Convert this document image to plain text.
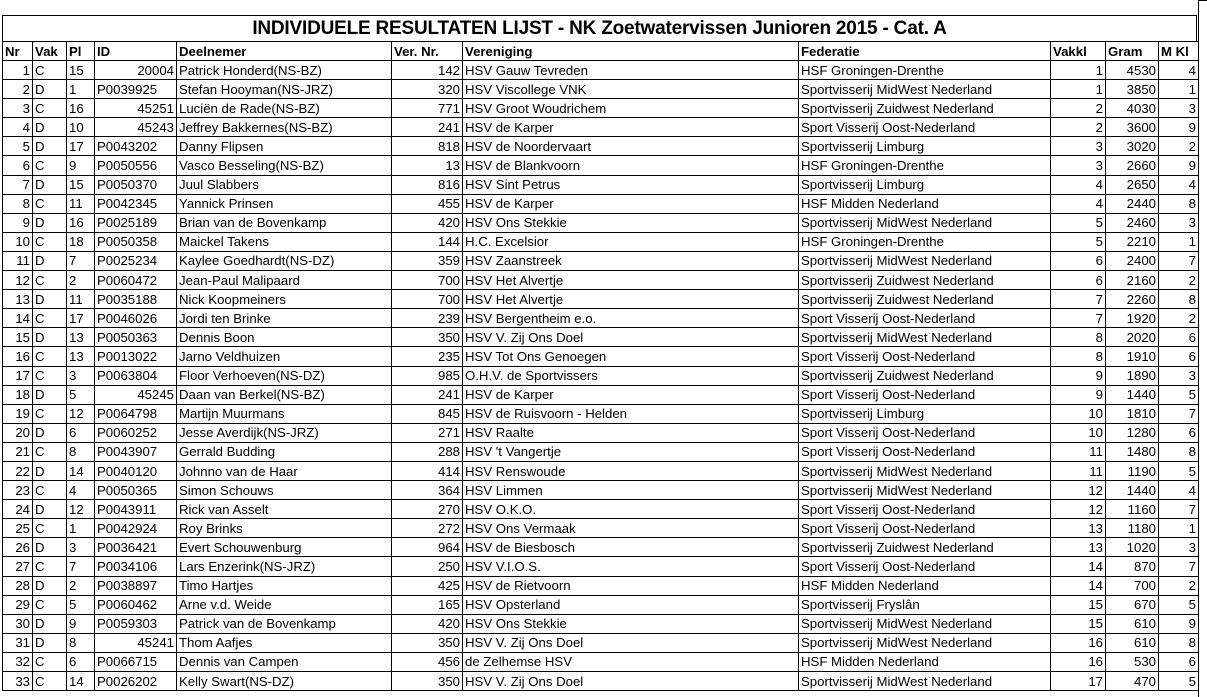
INDIVIDUELE RESULTATEN LIJST - NK Zoetwatervissen Junioren 2015 - Cat. A
Nr	Vak	Pl	ID	Deelnemer	Ver. Nr.	Vereniging	Federatie	Vakkl	Gram	M Kl
1	C	15	20004	Patrick Honderd(NS-BZ)	142	HSV Gauw Tevreden	HSF Groningen-Drenthe	1	4530	4
2	D	1	P0039925	Stefan Hooyman(NS-JRZ)	320	HSV Viscollege VNK	Sportvisserij MidWest Nederland	1	3850	1
3	C	16	45251	Luciën de Rade(NS-BZ)	771	HSV Groot Woudrichem	Sportvisserij Zuidwest Nederland	2	4030	3
4	D	10	45243	Jeffrey Bakkernes(NS-BZ)	241	HSV de Karper	Sport Visserij Oost-Nederland	2	3600	9
5	D	17	P0043202	Danny Flipsen	818	HSV de Noordervaart	Sportvisserij Limburg	3	3020	2
6	C	9	P0050556	Vasco Besseling(NS-BZ)	13	HSV de Blankvoorn	HSF Groningen-Drenthe	3	2660	9
7	D	15	P0050370	Juul Slabbers	816	HSV Sint Petrus	Sportvisserij Limburg	4	2650	4
8	C	11	P0042345	Yannick Prinsen	455	HSV de Karper	HSF Midden Nederland	4	2440	8
9	D	16	P0025189	Brian van de Bovenkamp	420	HSV Ons Stekkie	Sportvisserij MidWest Nederland	5	2460	3
10	C	18	P0050358	Maickel Takens	144	H.C. Excelsior	HSF Groningen-Drenthe	5	2210	1
11	D	7	P0025234	Kaylee Goedhardt(NS-DZ)	359	HSV Zaanstreek	Sportvisserij MidWest Nederland	6	2400	7
12	C	2	P0060472	Jean-Paul Malipaard	700	HSV Het Alvertje	Sportvisserij Zuidwest Nederland	6	2160	2
13	D	11	P0035188	Nick Koopmeiners	700	HSV Het Alvertje	Sportvisserij Zuidwest Nederland	7	2260	8
14	C	17	P0046026	Jordi ten Brinke	239	HSV Bergentheim e.o.	Sport Visserij Oost-Nederland	7	1920	2
15	D	13	P0050363	Dennis Boon	350	HSV V. Zij Ons Doel	Sportvisserij MidWest Nederland	8	2020	6
16	C	13	P0013022	Jarno Veldhuizen	235	HSV Tot Ons Genoegen	Sport Visserij Oost-Nederland	8	1910	6
17	C	3	P0063804	Floor Verhoeven(NS-DZ)	985	O.H.V. de Sportvissers	Sportvisserij Zuidwest Nederland	9	1890	3
18	D	5	45245	Daan van Berkel(NS-BZ)	241	HSV de Karper	Sport Visserij Oost-Nederland	9	1440	5
19	C	12	P0064798	Martijn Muurmans	845	HSV de Ruisvoorn - Helden	Sportvisserij Limburg	10	1810	7
20	D	6	P0060252	Jesse Averdijk(NS-JRZ)	271	HSV Raalte	Sport Visserij Oost-Nederland	10	1280	6
21	C	8	P0043907	Gerrald Budding	288	HSV 't Vangertje	Sport Visserij Oost-Nederland	11	1480	8
22	D	14	P0040120	Johnno van de Haar	414	HSV Renswoude	Sportvisserij MidWest Nederland	11	1190	5
23	C	4	P0050365	Simon Schouws	364	HSV Limmen	Sportvisserij MidWest Nederland	12	1440	4
24	D	12	P0043911	Rick van Asselt	270	HSV O.K.O.	Sport Visserij Oost-Nederland	12	1160	7
25	C	1	P0042924	Roy Brinks	272	HSV Ons Vermaak	Sport Visserij Oost-Nederland	13	1180	1
26	D	3	P0036421	Evert Schouwenburg	964	HSV de Biesbosch	Sportvisserij Zuidwest Nederland	13	1020	3
27	C	7	P0034106	Lars Enzerink(NS-JRZ)	250	HSV V.I.O.S.	Sport Visserij Oost-Nederland	14	870	7
28	D	2	P0038897	Timo Hartjes	425	HSV de Rietvoorn	HSF Midden Nederland	14	700	2
29	C	5	P0060462	Arne v.d. Weide	165	HSV Opsterland	Sportvisserij Fryslân	15	670	5
30	D	9	P0059303	Patrick van de Bovenkamp	420	HSV Ons Stekkie	Sportvisserij MidWest Nederland	15	610	9
31	D	8	45241	Thom Aafjes	350	HSV V. Zij Ons Doel	Sportvisserij MidWest Nederland	16	610	8
32	C	6	P0066715	Dennis van Campen	456	de Zelhemse HSV	HSF Midden Nederland	16	530	6
33	C	14	P0026202	Kelly Swart(NS-DZ)	350	HSV V. Zij Ons Doel	Sportvisserij MidWest Nederland	17	470	5
